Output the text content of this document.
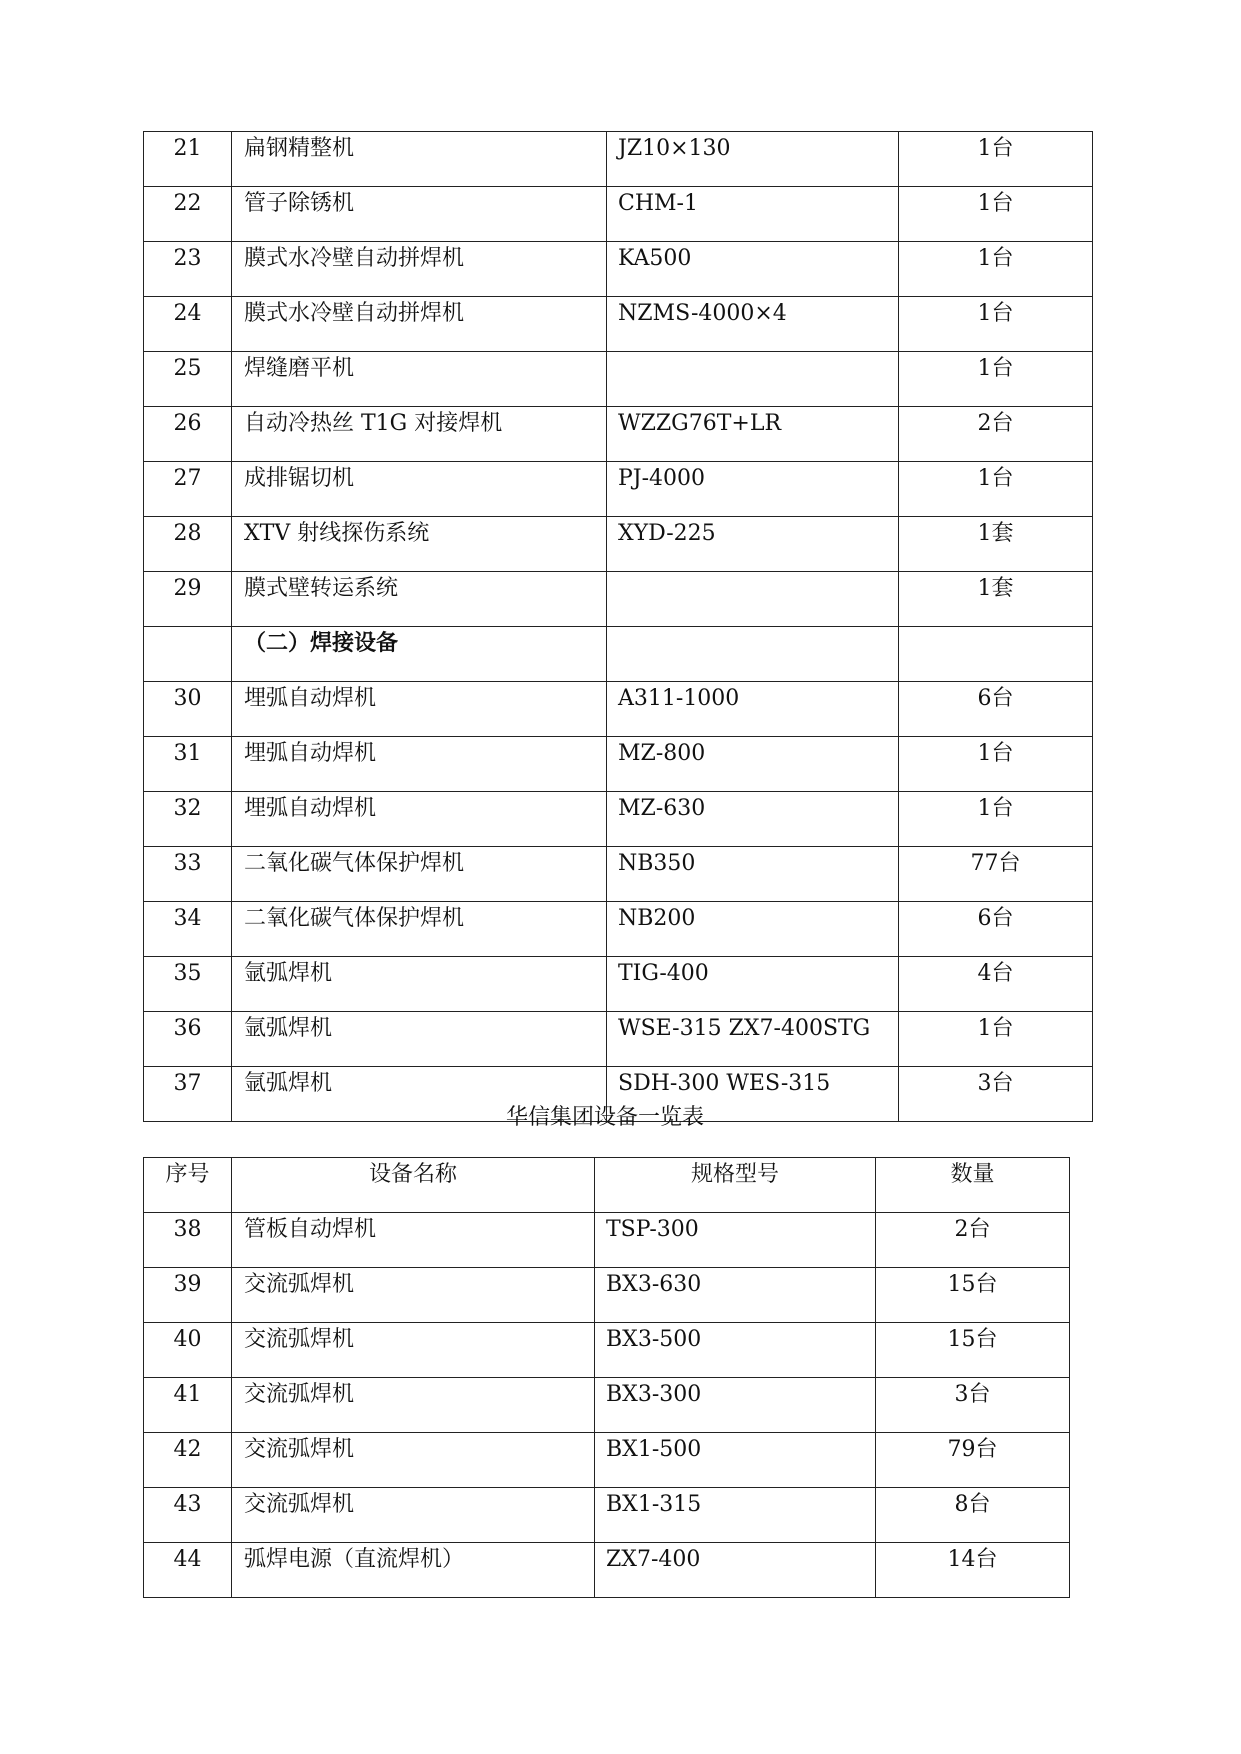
21	扁钢精整机	JZ10×130	1台
22	管子除锈机	CHM-1	1台
23	膜式水冷壁自动拼焊机	KA500	1台
24	膜式水冷壁自动拼焊机	NZMS-4000×4	1台
25	焊缝磨平机		1台
26	自动冷热丝 T1G 对接焊机	WZZG76T+LR	2台
27	成排锯切机	PJ-4000	1台
28	XTV 射线探伤系统	XYD-225	1套
29	膜式壁转运系统		1套
	（二）焊接设备		
30	埋弧自动焊机	A311-1000	6台
31	埋弧自动焊机	MZ-800	1台
32	埋弧自动焊机	MZ-630	1台
33	二氧化碳气体保护焊机	NB350	77台
34	二氧化碳气体保护焊机	NB200	6台
35	氩弧焊机	TIG-400	4台
36	氩弧焊机	WSE-315 ZX7-400STG	1台
37	氩弧焊机	SDH-300 WES-315	3台
华信集团设备一览表
序号	设备名称	规格型号	数量
38	管板自动焊机	TSP-300	2台
39	交流弧焊机	BX3-630	15台
40	交流弧焊机	BX3-500	15台
41	交流弧焊机	BX3-300	3台
42	交流弧焊机	BX1-500	79台
43	交流弧焊机	BX1-315	8台
44	弧焊电源（直流焊机）	ZX7-400	14台
